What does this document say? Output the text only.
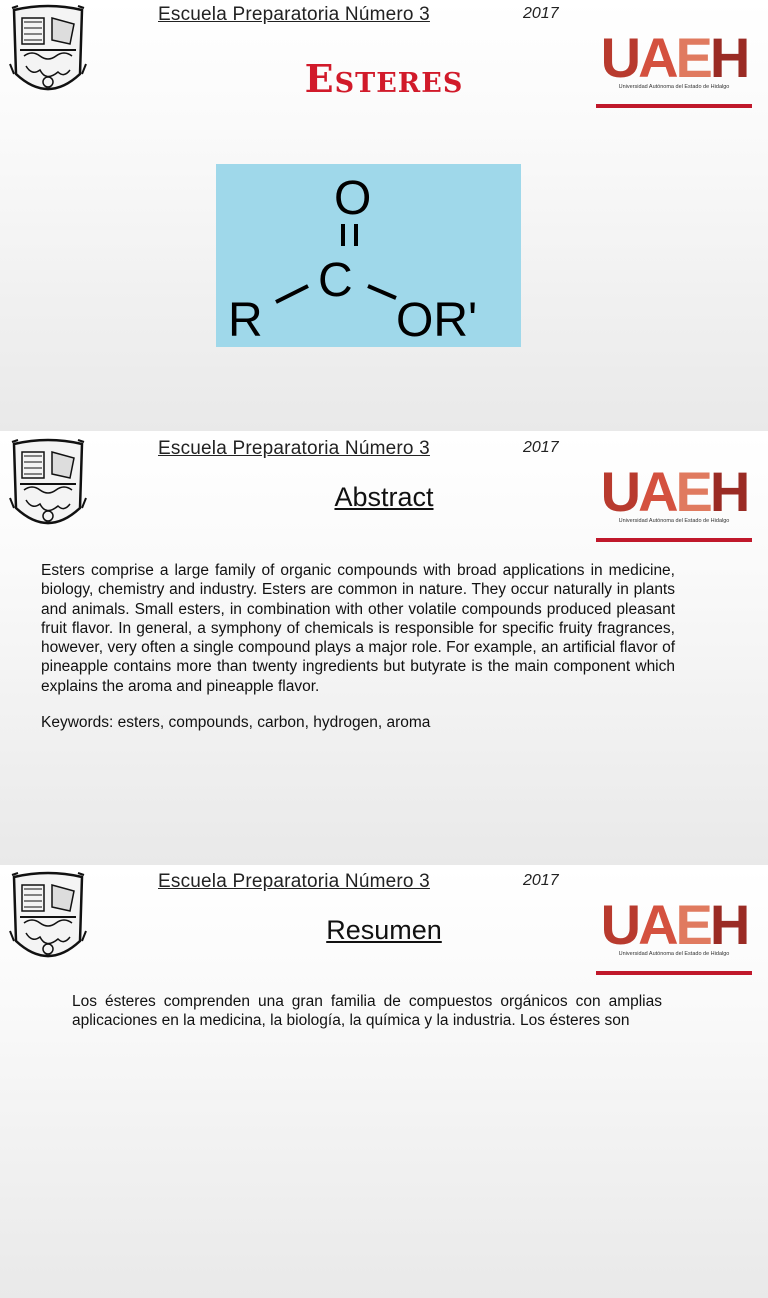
Escuela Preparatoria Número 3	2017
UAEH
Universidad Autónoma del Estado de Hidalgo
Esteres
O
C
R	OR'
Escuela Preparatoria Número 3	2017
UAEH
Universidad Autónoma del Estado de Hidalgo
Abstract
Esters comprise a large family of organic compounds with broad applications in medicine, biology, chemistry and industry. Esters are common in nature. They occur naturally in plants and animals. Small esters, in combination with other volatile compounds produced pleasant fruit flavor. In general, a symphony of chemicals is responsible for specific fruity fragrances, however, very often a single compound plays a major role. For example, an artificial flavor of pineapple contains more than twenty ingredients but butyrate is the main component which explains the aroma and pineapple flavor.
Keywords: esters, compounds, carbon, hydrogen, aroma
Escuela Preparatoria Número 3	2017
UAEH
Universidad Autónoma del Estado de Hidalgo
Resumen
Los ésteres comprenden una gran familia de compuestos orgánicos con amplias aplicaciones en la medicina, la biología, la química y la industria. Los ésteres son
